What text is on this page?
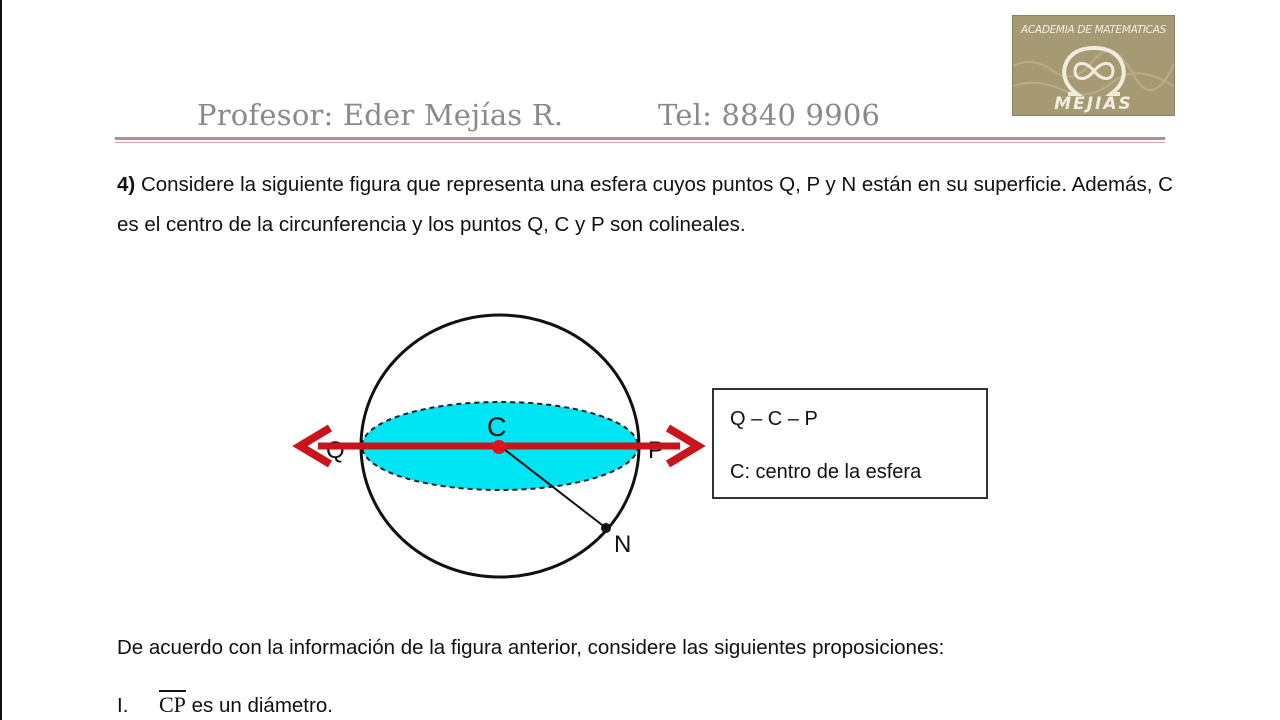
Profesor: Eder Mejías R.	Tel: 8840 9906
ACADEMIA DE MATEMATICAS
MEJIAS
4) Considere la siguiente figura que representa una esfera cuyos puntos Q, P y N están en su superficie. Además, C es el centro de la circunferencia y los puntos Q, C y P son colineales.
Q	P
C
N
Q – C – P
C: centro de la esfera
De acuerdo con la información de la figura anterior, considere las siguientes proposiciones:
I. $\overline{CP}$ es un diámetro.
